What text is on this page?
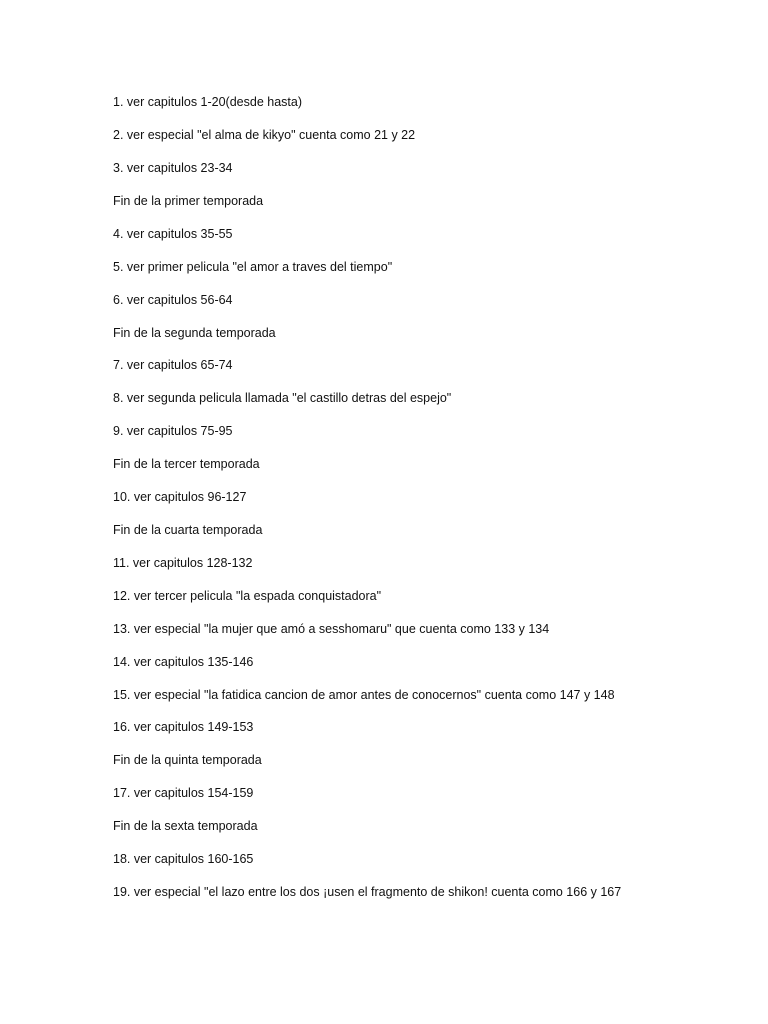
1. ver capitulos 1-20(desde hasta)
2. ver especial "el alma de kikyo" cuenta como 21 y 22
3. ver capitulos 23-34
Fin de la primer temporada
4. ver capitulos 35-55
5. ver primer pelicula "el amor a traves del tiempo"
6. ver capitulos 56-64
Fin de la segunda temporada
7. ver capitulos 65-74
8. ver segunda pelicula llamada "el castillo detras del espejo"
9. ver capitulos 75-95
Fin de la tercer temporada
10. ver capitulos 96-127
Fin de la cuarta temporada
11. ver capitulos 128-132
12. ver tercer pelicula "la espada conquistadora"
13. ver especial "la mujer que amó a sesshomaru" que cuenta como 133 y 134
14. ver capitulos 135-146
15. ver especial "la fatidica cancion de amor antes de conocernos" cuenta como 147 y 148
16. ver capitulos 149-153
Fin de la quinta temporada
17. ver capitulos 154-159
Fin de la sexta temporada
18. ver capitulos 160-165
19. ver especial "el lazo entre los dos ¡usen el fragmento de shikon! cuenta como 166 y 167
